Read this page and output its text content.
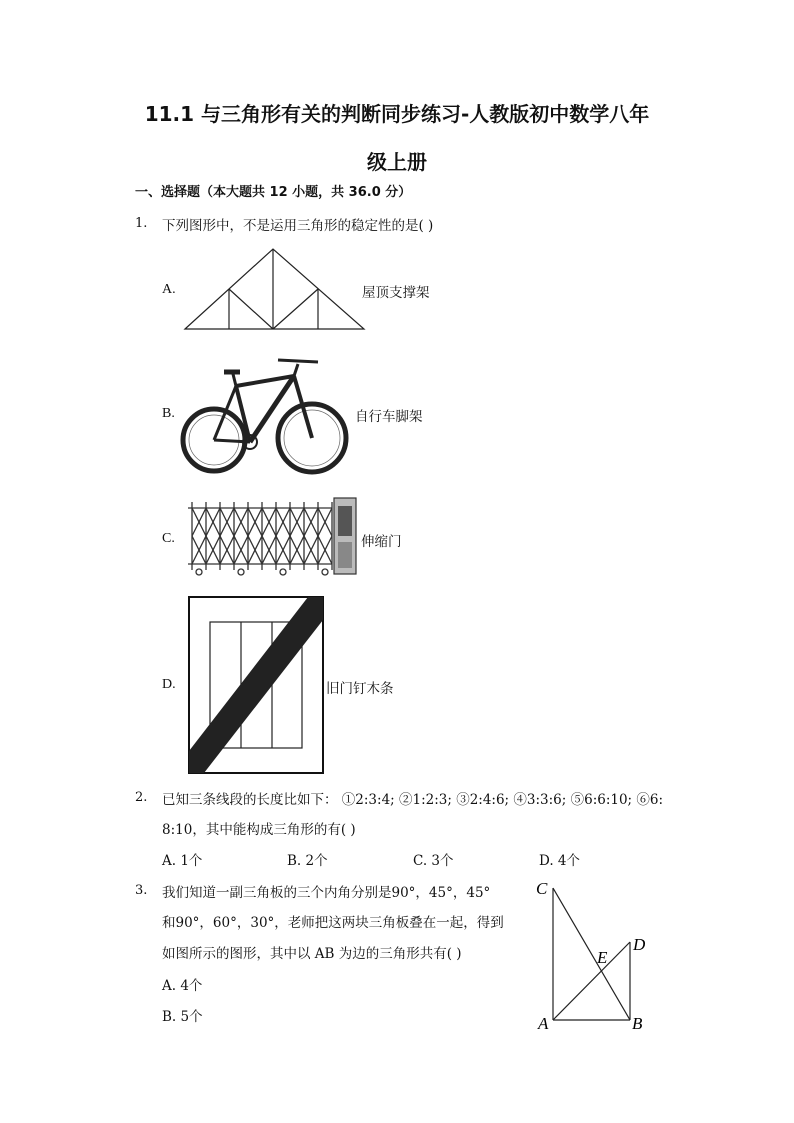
11.1 与三角形有关的判断同步练习-人教版初中数学八年
级上册
一、选择题（本大题共 12 小题，共 36.0 分）
1. 下列图形中，不是运用三角形的稳定性的是( )
A.	屋顶支撑架
B.	自行车脚架
C.	伸缩门
D.	旧门钉木条
2. 已知三条线段的长度比如下： ①2:3:4; ②1:2:3; ③2:4:6; ④3:3:6; ⑤6:6:10; ⑥6:
8:10，其中能构成三角形的有( )
A. 1个	B. 2个	C. 3个	D. 4个
3. 我们知道一副三角板的三个内角分别是90°，45°，45°
和90°，60°，30°，老师把这两块三角板叠在一起，得到
如图所示的图形，其中以 AB 为边的三角形共有( )
A. 4个
B. 5个
C
D
E
A	B
